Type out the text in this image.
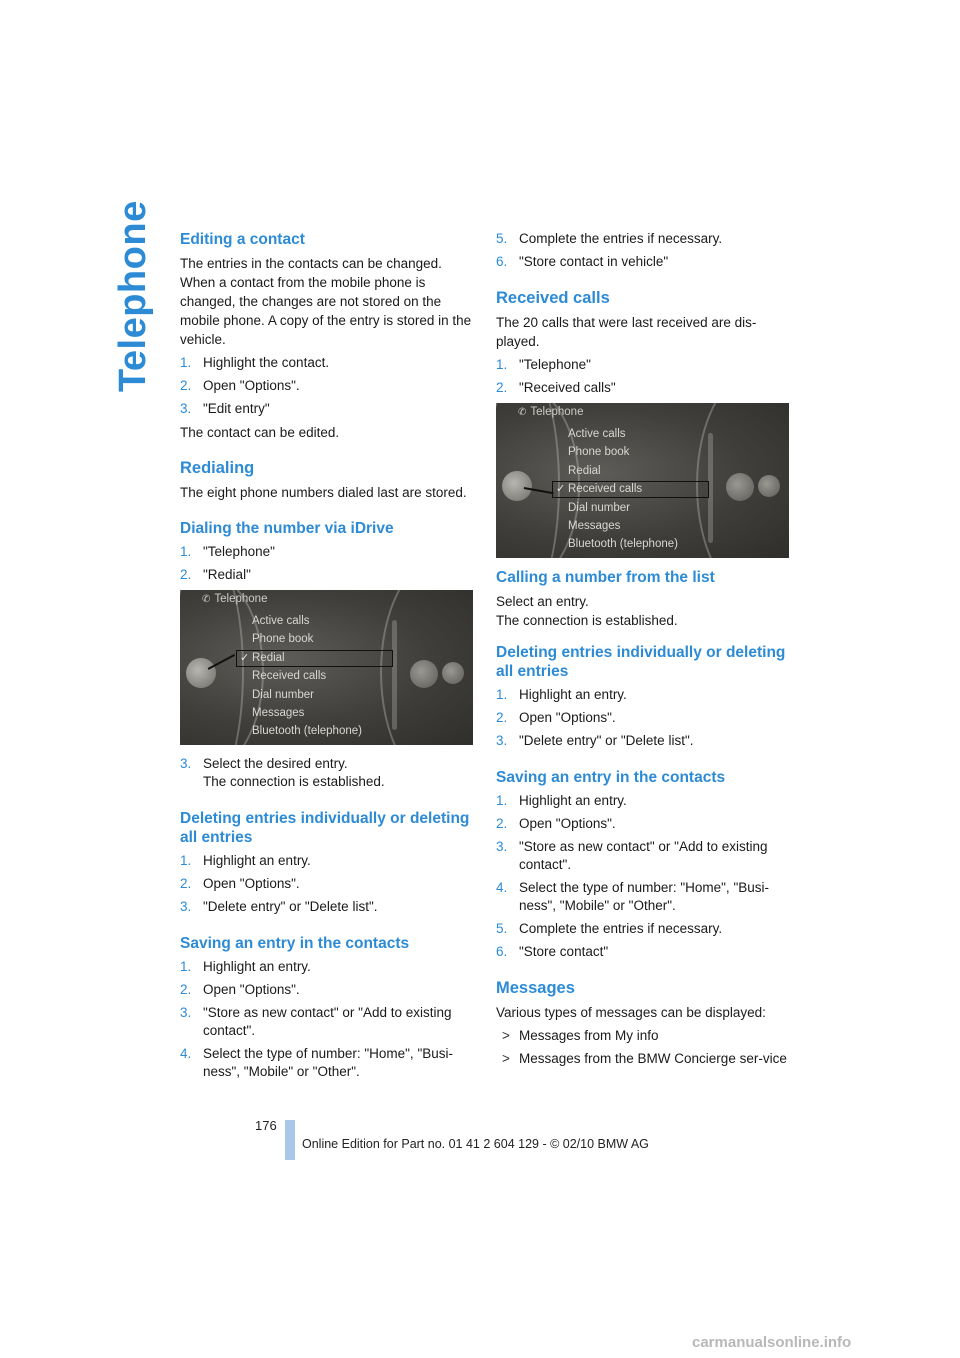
Telephone Editing a contact

The entries in the contacts can be changed. When a contact from the mobile phone is changed, the changes are not stored on the mobile phone. A copy of the entry is stored in the vehicle.

1. Highlight the contact.
2. Open "Options".
3. "Edit entry"

The contact can be edited.

Redialing

The eight phone numbers dialed last are stored.

Dialing the number via iDrive
1. "Telephone"
2. "Redial"
✆ Telephone
Active calls
Phone book
✓ Redial
Received calls
Dial number
Messages
Bluetooth (telephone)
3. Select the desired entry.
The connection is established.
Deleting entries individually or deleting all entries
1. Highlight an entry.
2. Open "Options".
3. "Delete entry" or "Delete list".
Saving an entry in the contacts
1. Highlight an entry.
2. Open "Options".
3. "Store as new contact" or "Add to existing contact".
4. Select the type of number: "Home", "Busi-ness", "Mobile" or "Other".
5. Complete the entries if necessary.
6. "Store contact in vehicle"
Received calls

The 20 calls that were last received are dis-played.

1. "Telephone"
2. "Received calls"
✆ Telephone
Active calls
Phone book
Redial
✓ Received calls
Dial number
Messages
Bluetooth (telephone)
Calling a number from the list

Select an entry.

The connection is established.

Deleting entries individually or deleting all entries
1. Highlight an entry.
2. Open "Options".
3. "Delete entry" or "Delete list".
Saving an entry in the contacts
1. Highlight an entry.
2. Open "Options".
3. "Store as new contact" or "Add to existing contact".
4. Select the type of number: "Home", "Busi-ness", "Mobile" or "Other".
5. Complete the entries if necessary.
6. "Store contact"
Messages

Various types of messages can be displayed:

> Messages from My info
> Messages from the BMW Concierge ser-vice
176
Online Edition for Part no. 01 41 2 604 129 - © 02/10 BMW AG
carmanualsonline.info
